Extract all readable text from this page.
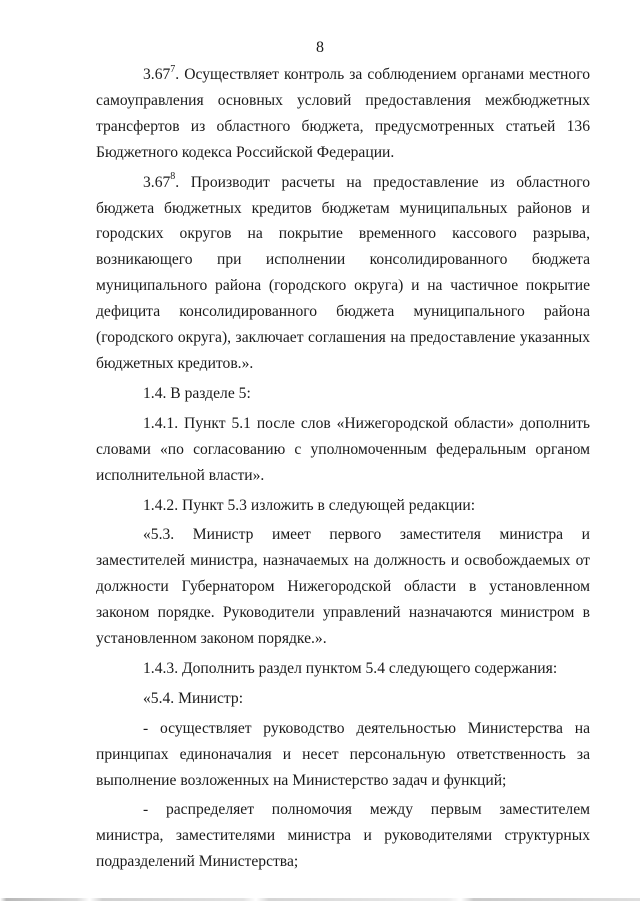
8

3.67$^7$. Осуществляет контроль за соблюдением органами местного самоуправления основных условий предоставления межбюджетных трансфертов из областного бюджета, предусмотренных статьей 136 Бюджетного кодекса Российской Федерации.

3.67$^8$. Производит расчеты на предоставление из областного бюджета бюджетных кредитов бюджетам муниципальных районов и городских округов на покрытие временного кассового разрыва, возникающего при исполнении консолидированного бюджета муниципального района (городского округа) и на частичное покрытие дефицита консолидированного бюджета муниципального района (городского округа), заключает соглашения на предоставление указанных бюджетных кредитов.».

1.4. В разделе 5:

1.4.1. Пункт 5.1 после слов «Нижегородской области» дополнить словами «по согласованию с уполномоченным федеральным органом исполнительной власти».

1.4.2. Пункт 5.3 изложить в следующей редакции:

«5.3. Министр имеет первого заместителя министра и заместителей министра, назначаемых на должность и освобождаемых от должности Губернатором Нижегородской области в установленном законом порядке. Руководители управлений назначаются министром в установленном законом порядке.».

1.4.3. Дополнить раздел пунктом 5.4 следующего содержания:

«5.4. Министр:

- осуществляет руководство деятельностью Министерства на принципах единоначалия и несет персональную ответственность за выполнение возложенных на Министерство задач и функций;

- распределяет полномочия между первым заместителем министра, заместителями министра и руководителями структурных подразделений Министерства;
